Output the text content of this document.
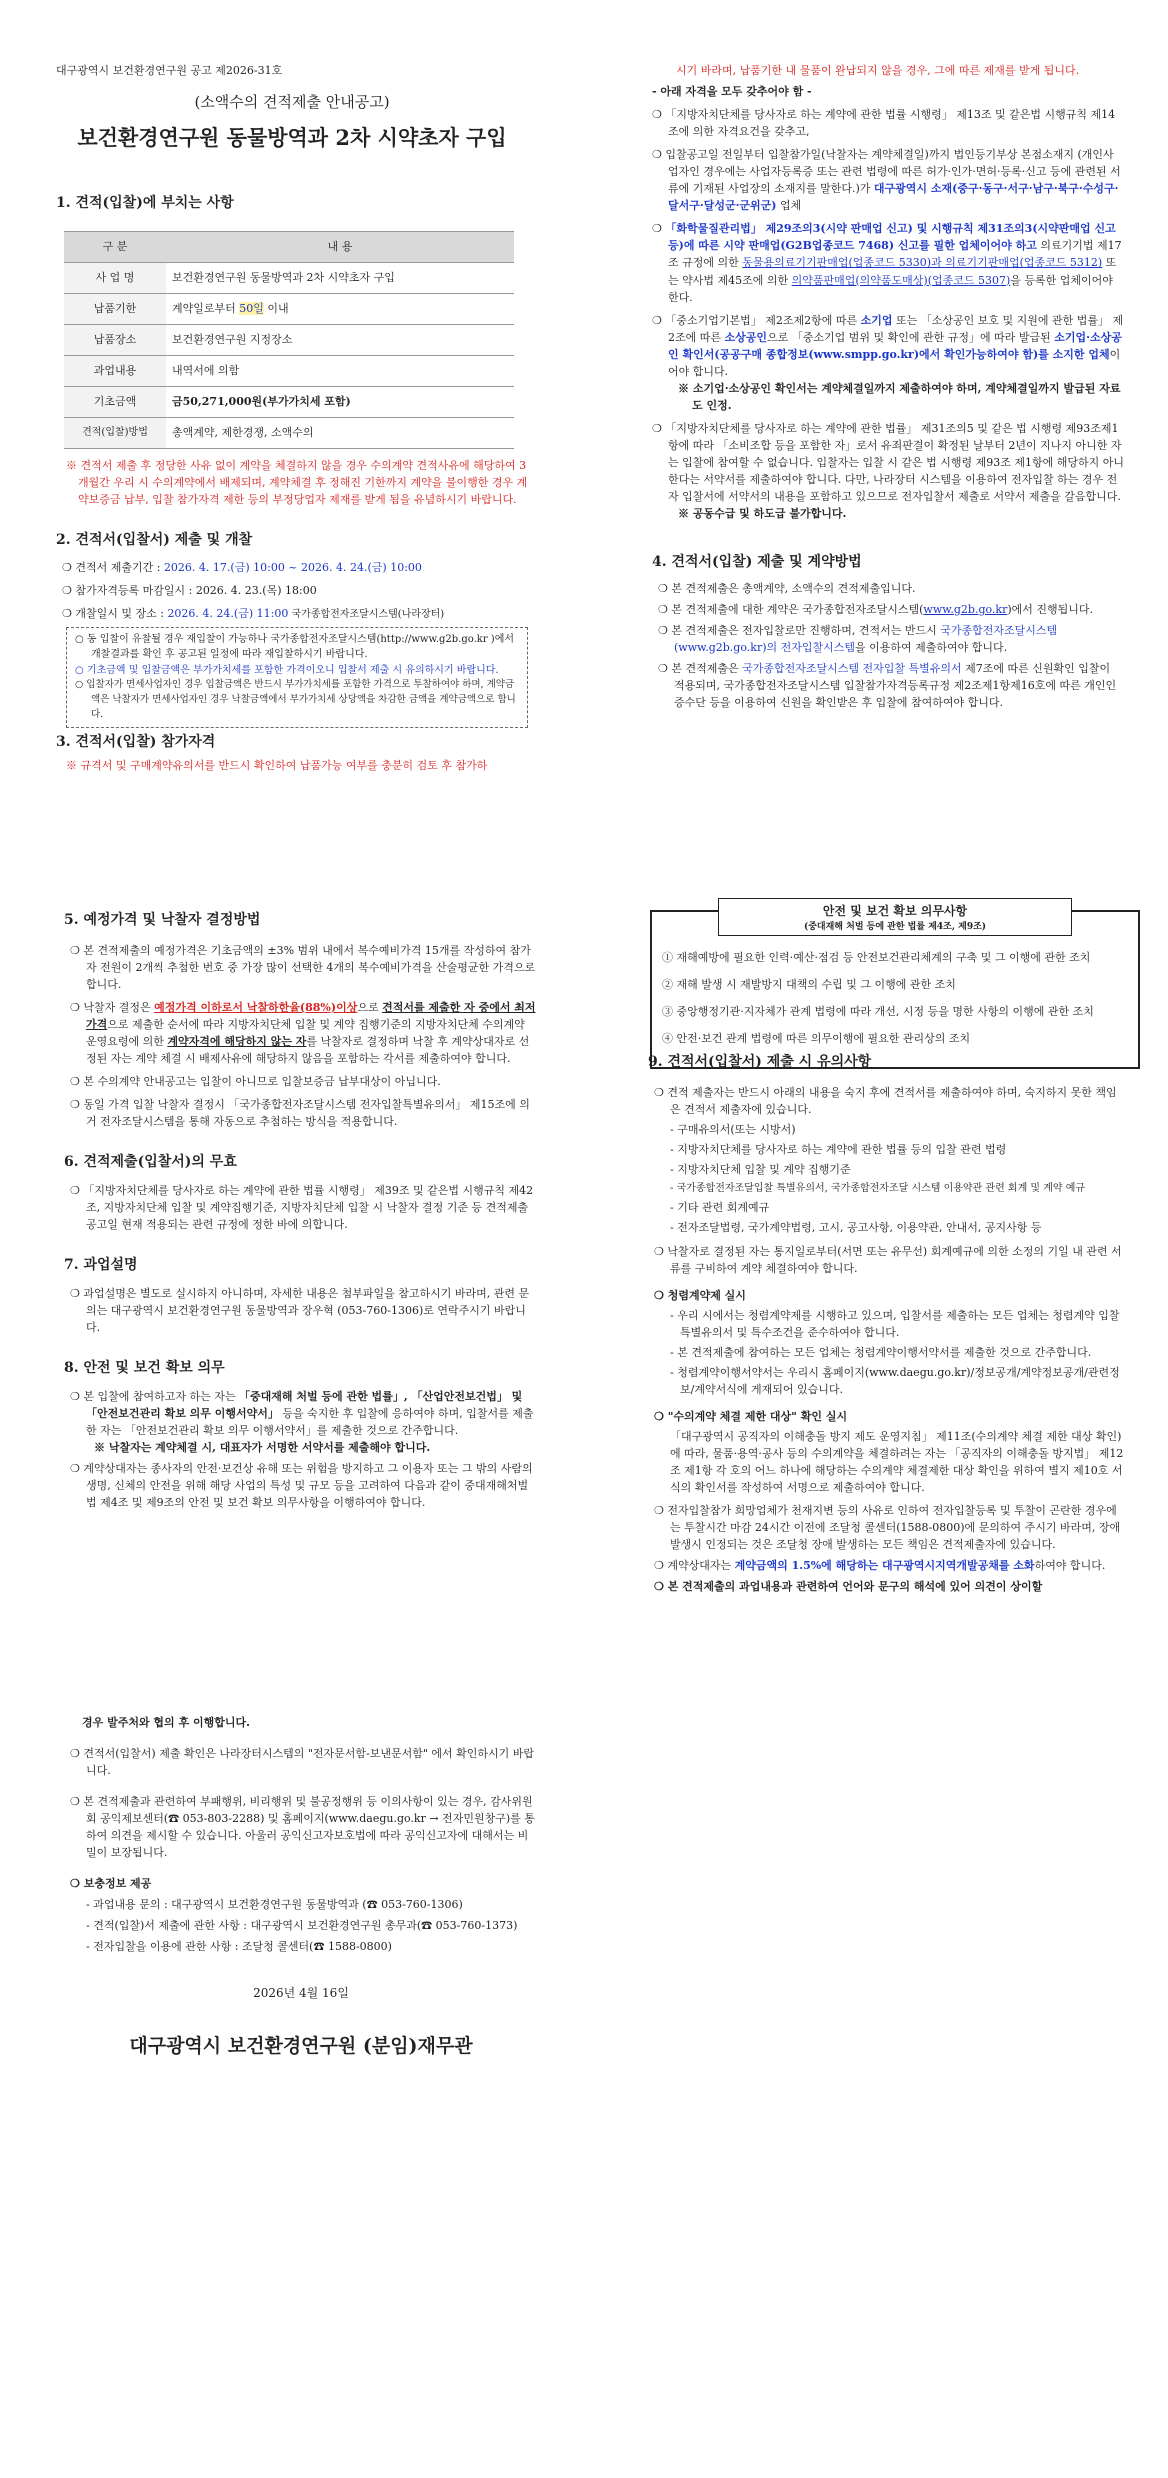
대구광역시 보건환경연구원 공고 제2026-31호

(소액수의 견적제출 안내공고)

보건환경연구원 동물방역과 2차 시약초자 구입

1. 견적(입찰)에 부치는 사항
구 분	내 용
사 업 명	보건환경연구원 동물방역과 2차 시약초자 구입
납품기한	계약일로부터 50일 이내
납품장소	보건환경연구원 지정장소
과업내용	내역서에 의함
기초금액	금50,271,000원(부가가치세 포함)
견적(입찰)방법	총액계약, 제한경쟁, 소액수의

※ 견적서 제출 후 정당한 사유 없이 계약을 체결하지 않을 경우 수의계약 견적사유에 해당하여 3개월간 우리 시 수의계약에서 배제되며, 계약체결 후 정해진 기한까지 계약을 불이행한 경우 계약보증금 납부, 입찰 참가자격 제한 등의 부정당업자 제재를 받게 됨을 유념하시기 바랍니다.

2. 견적서(입찰서) 제출 및 개찰

❍ 견적서 제출기간 : 2026. 4. 17.(금) 10:00 ~ 2026. 4. 24.(금) 10:00

❍ 참가자격등록 마감일시 : 2026. 4. 23.(목) 18:00

❍ 개찰일시 및 장소 : 2026. 4. 24.(금) 11:00 국가종합전자조달시스템(나라장터)

○ 동 입찰이 유찰될 경우 재입찰이 가능하나 국가종합전자조달시스템(http://www.g2b.go.kr )에서 개찰결과를 확인 후 공고된 일정에 따라 재입찰하시기 바랍니다.

○ 기초금액 및 입찰금액은 부가가치세를 포함한 가격이오니 입찰서 제출 시 유의하시기 바랍니다.

○ 입찰자가 면세사업자인 경우 입찰금액은 반드시 부가가치세를 포함한 가격으로 투찰하여야 하며, 계약금액은 낙찰자가 면세사업자인 경우 낙찰금액에서 부가가치세 상당액을 차감한 금액을 계약금액으로 합니다.

3. 견적서(입찰) 참가자격

※ 규격서 및 구매계약유의서를 반드시 확인하여 납품가능 여부를 충분히 검토 후 참가하

시기 바라며, 납품기한 내 물품이 완납되지 않을 경우, 그에 따른 제재를 받게 됩니다.

- 아래 자격을 모두 갖추어야 함 -

❍ 「지방자치단체를 당사자로 하는 계약에 관한 법률 시행령」 제13조 및 같은법 시행규칙 제14조에 의한 자격요건을 갖추고,

❍ 입찰공고일 전일부터 입찰참가일(낙찰자는 계약체결일)까지 법인등기부상 본점소재지 (개인사업자인 경우에는 사업자등록증 또는 관련 법령에 따른 허가·인가·면허·등록·신고 등에 관련된 서류에 기재된 사업장의 소재지를 말한다.)가 대구광역시 소재(중구·동구·서구·남구·북구·수성구·달서구·달성군·군위군) 업체

❍ 「화학물질관리법」 제29조의3(시약 판매업 신고) 및 시행규칙 제31조의3(시약판매업 신고 등)에 따른 시약 판매업(G2B업종코드 7468) 신고를 필한 업체이어야 하고 의료기기법 제17조 규정에 의한 동물용의료기기판매업(업종코드 5330)과 의료기기판매업(업종코드 5312) 또는 약사법 제45조에 의한 의약품판매업(의약품도매상)(업종코드 5307)을 등록한 업체이어야 한다.

❍ 「중소기업기본법」 제2조제2항에 따른 소기업 또는 「소상공인 보호 및 지원에 관한 법률」 제2조에 따른 소상공인으로 「중소기업 범위 및 확인에 관한 규정」에 따라 발급된 소기업·소상공인 확인서(공공구매 종합정보(www.smpp.go.kr)에서 확인가능하여야 함)를 소지한 업체이어야 합니다.

※ 소기업·소상공인 확인서는 계약체결일까지 제출하여야 하며, 계약체결일까지 발급된 자료도 인정.

❍ 「지방자치단체를 당사자로 하는 계약에 관한 법률」 제31조의5 및 같은 법 시행령 제93조제1항에 따라 「소비조합 등을 포함한 자」로서 유죄판결이 확정된 날부터 2년이 지나지 아니한 자는 입찰에 참여할 수 없습니다. 입찰자는 입찰 시 같은 법 시행령 제93조 제1항에 해당하지 아니한다는 서약서를 제출하여야 합니다. 다만, 나라장터 시스템을 이용하여 전자입찰 하는 경우 전자 입찰서에 서약서의 내용을 포함하고 있으므로 전자입찰서 제출로 서약서 제출을 갈음합니다.

※ 공동수급 및 하도급 불가합니다.

4. 견적서(입찰) 제출 및 계약방법

❍ 본 견적제출은 총액계약, 소액수의 견적제출입니다.

❍ 본 견적제출에 대한 계약은 국가종합전자조달시스템(www.g2b.go.kr)에서 진행됩니다.

❍ 본 견적제출은 전자입찰로만 진행하며, 견적서는 반드시 국가종합전자조달시스템(www.g2b.go.kr)의 전자입찰시스템을 이용하여 제출하여야 합니다.

❍ 본 견적제출은 국가종합전자조달시스템 전자입찰 특별유의서 제7조에 따른 신원확인 입찰이 적용되며, 국가종합전자조달시스템 입찰참가자격등록규정 제2조제1항제16호에 따른 개인인증수단 등을 이용하여 신원을 확인받은 후 입찰에 참여하여야 합니다.

5. 예정가격 및 낙찰자 결정방법

❍ 본 견적제출의 예정가격은 기초금액의 ±3% 범위 내에서 복수예비가격 15개를 작성하여 참가자 전원이 2개씩 추첨한 번호 중 가장 많이 선택한 4개의 복수예비가격을 산술평균한 가격으로 합니다.

❍ 낙찰자 결정은 예정가격 이하로서 낙찰하한율(88%)이상으로 견적서를 제출한 자 중에서 최저가격으로 제출한 순서에 따라 지방자치단체 입찰 및 계약 집행기준의 지방자치단체 수의계약 운영요령에 의한 계약자격에 해당하지 않는 자를 낙찰자로 결정하며 낙찰 후 계약상대자로 선정된 자는 계약 체결 시 배제사유에 해당하지 않음을 포함하는 각서를 제출하여야 합니다.

❍ 본 수의계약 안내공고는 입찰이 아니므로 입찰보증금 납부대상이 아닙니다.

❍ 동일 가격 입찰 낙찰자 결정시 「국가종합전자조달시스템 전자입찰특별유의서」 제15조에 의거 전자조달시스템을 통해 자동으로 추첨하는 방식을 적용합니다.

6. 견적제출(입찰서)의 무효

❍ 「지방자치단체를 당사자로 하는 계약에 관한 법률 시행령」 제39조 및 같은법 시행규칙 제42조, 지방자치단체 입찰 및 계약집행기준, 지방자치단체 입찰 시 낙찰자 결정 기준 등 견적제출 공고일 현재 적용되는 관련 규정에 정한 바에 의합니다.

7. 과업설명

❍ 과업설명은 별도로 실시하지 아니하며, 자세한 내용은 첨부파일을 참고하시기 바라며, 관련 문의는 대구광역시 보건환경연구원 동물방역과 장우혁 (053-760-1306)로 연락주시기 바랍니다.

8. 안전 및 보건 확보 의무

❍ 본 입찰에 참여하고자 하는 자는 「중대재해 처벌 등에 관한 법률」, 「산업안전보건법」 및 「안전보건관리 확보 의무 이행서약서」 등을 숙지한 후 입찰에 응하여야 하며, 입찰서를 제출한 자는 「안전보건관리 확보 의무 이행서약서」를 제출한 것으로 간주합니다.

※ 낙찰자는 계약체결 시, 대표자가 서명한 서약서를 제출해야 합니다.

❍ 계약상대자는 종사자의 안전·보건상 유해 또는 위험을 방지하고 그 이용자 또는 그 밖의 사람의 생명, 신체의 안전을 위해 해당 사업의 특성 및 규모 등을 고려하여 다음과 같이 중대재해처벌법 제4조 및 제9조의 안전 및 보건 확보 의무사항을 이행하여야 합니다.

안전 및 보건 확보 의무사항
(중대재해 처벌 등에 관한 법률 제4조, 제9조)

① 재해예방에 필요한 인력·예산·점검 등 안전보건관리체계의 구축 및 그 이행에 관한 조치

② 재해 발생 시 재발방지 대책의 수립 및 그 이행에 관한 조치

③ 중앙행정기관·지자체가 관계 법령에 따라 개선, 시정 등을 명한 사항의 이행에 관한 조치

④ 안전·보건 관계 법령에 따른 의무이행에 필요한 관리상의 조치

9. 견적서(입찰서) 제출 시 유의사항

❍ 견적 제출자는 반드시 아래의 내용을 숙지 후에 견적서를 제출하여야 하며, 숙지하지 못한 책임은 견적서 제출자에 있습니다.

- 구매유의서(또는 시방서)

- 지방자치단체를 당사자로 하는 계약에 관한 법률 등의 입찰 관련 법령

- 지방자치단체 입찰 및 계약 집행기준

- 국가종합전자조달입찰 특별유의서, 국가종합전자조달 시스템 이용약관 관련 회계 및 계약 예규

- 기타 관련 회계예규

- 전자조달법령, 국가계약법령, 고시, 공고사항, 이용약관, 안내서, 공지사항 등

❍ 낙찰자로 결정된 자는 통지일로부터(서면 또는 유무선) 회계예규에 의한 소정의 기일 내 관련 서류를 구비하여 계약 체결하여야 합니다.

❍ 청렴계약제 실시

- 우리 시에서는 청렴계약제를 시행하고 있으며, 입찰서를 제출하는 모든 업체는 청렴계약 입찰특별유의서 및 특수조건을 준수하여야 합니다.

- 본 견적제출에 참여하는 모든 업체는 청렴계약이행서약서를 제출한 것으로 간주합니다.

- 청렴계약이행서약서는 우리시 홈페이지(www.daegu.go.kr)/정보공개/계약정보공개/관련정보/계약서식에 게재되어 있습니다.

❍ "수의계약 체결 제한 대상" 확인 실시

「대구광역시 공직자의 이해충돌 방지 제도 운영지침」 제11조(수의계약 체결 제한 대상 확인)에 따라, 물품·용역·공사 등의 수의계약을 체결하려는 자는 「공직자의 이해충돌 방지법」 제12조 제1항 각 호의 어느 하나에 해당하는 수의계약 체결제한 대상 확인을 위하여 별지 제10호 서식의 확인서를 작성하여 서명으로 제출하여야 합니다.

❍ 전자입찰참가 희망업체가 천재지변 등의 사유로 인하여 전자입찰등록 및 투찰이 곤란한 경우에는 투찰시간 마감 24시간 이전에 조달청 콜센터(1588-0800)에 문의하여 주시기 바라며, 장애발생시 인정되는 것은 조달청 장애 발생하는 모든 책임은 견적제출자에 있습니다.

❍ 계약상대자는 계약금액의 1.5%에 해당하는 대구광역시지역개발공채를 소화하여야 합니다.

❍ 본 견적제출의 과업내용과 관련하여 언어와 문구의 해석에 있어 의견이 상이할

경우 발주처와 협의 후 이행합니다.

❍ 견적서(입찰서) 제출 확인은 나라장터시스템의 "전자문서함-보낸문서함" 에서 확인하시기 바랍니다.

❍ 본 견적제출과 관련하여 부패행위, 비리행위 및 불공정행위 등 이의사항이 있는 경우, 감사위원회 공익제보센터(☎ 053-803-2288) 및 홈페이지(www.daegu.go.kr → 전자민원창구)를 통하여 의견을 제시할 수 있습니다. 아울러 공익신고자보호법에 따라 공익신고자에 대해서는 비밀이 보장됩니다.

❍ 보충정보 제공

- 과업내용 문의 : 대구광역시 보건환경연구원 동물방역과 (☎ 053-760-1306)

- 견적(입찰)서 제출에 관한 사항 : 대구광역시 보건환경연구원 총무과(☎ 053-760-1373)

- 전자입찰을 이용에 관한 사항 : 조달청 콜센터(☎ 1588-0800)

2026년 4월 16일

대구광역시 보건환경연구원 (분임)재무관
